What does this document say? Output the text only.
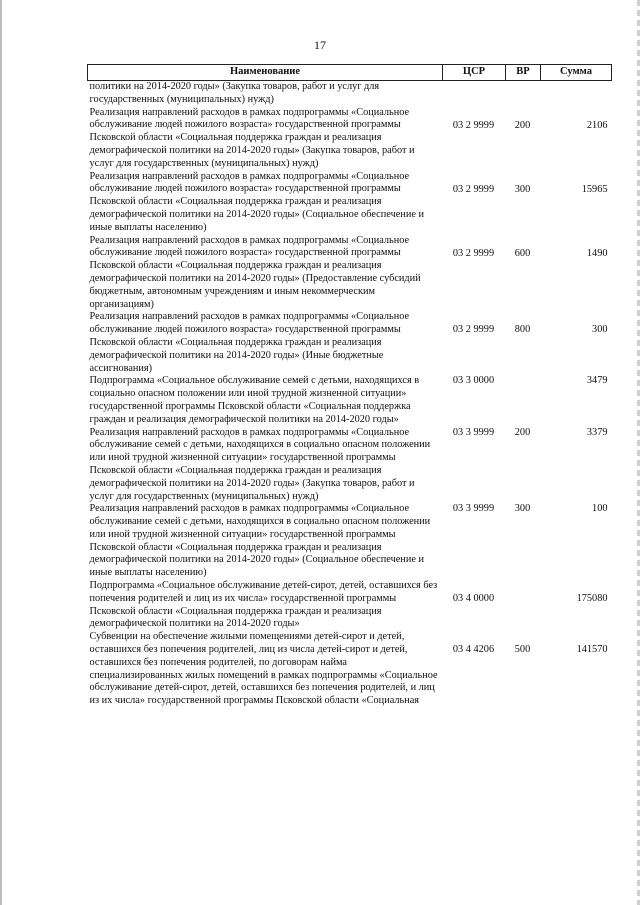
17
Наименование	ЦСР	ВР	Сумма
политики на 2014-2020 годы» (Закупка товаров, работ и услуг для государственных (муниципальных) нужд)			
Реализация направлений расходов в рамках подпрограммы «Социальное обслуживание людей пожилого возраста» государственной программы Псковской области «Социальная поддержка граждан и реализация демографической политики на 2014-2020 годы» (Закупка товаров, работ и услуг для государственных (муниципальных) нужд)	03 2 9999	200	2106
Реализация направлений расходов в рамках подпрограммы «Социальное обслуживание людей пожилого возраста» государственной программы Псковской области «Социальная поддержка граждан и реализация демографической политики на 2014-2020 годы» (Социальное обеспечение и иные выплаты населению)	03 2 9999	300	15965
Реализация направлений расходов в рамках подпрограммы «Социальное обслуживание людей пожилого возраста» государственной программы Псковской области «Социальная поддержка граждан и реализация демографической политики на 2014-2020 годы» (Предоставление субсидий бюджетным, автономным учреждениям и иным некоммерческим организациям)	03 2 9999	600	1490
Реализация направлений расходов в рамках подпрограммы «Социальное обслуживание людей пожилого возраста» государственной программы Псковской области «Социальная поддержка граждан и реализация демографической политики на 2014-2020 годы» (Иные бюджетные ассигнования)	03 2 9999	800	300
Подпрограмма «Социальное обслуживание семей с детьми, находящихся в социально опасном положении или иной трудной жизненной ситуации» государственной программы Псковской области «Социальная поддержка граждан и реализация демографической политики на 2014-2020 годы»	03 3 0000		3479
Реализация направлений расходов в рамках подпрограммы «Социальное обслуживание семей с детьми, находящихся в социально опасном положении или иной трудной жизненной ситуации» государственной программы Псковской области «Социальная поддержка граждан и реализация демографической политики на 2014-2020 годы» (Закупка товаров, работ и услуг для государственных (муниципальных) нужд)	03 3 9999	200	3379
Реализация направлений расходов в рамках подпрограммы «Социальное обслуживание семей с детьми, находящихся в социально опасном положении или иной трудной жизненной ситуации» государственной программы Псковской области «Социальная поддержка граждан и реализация демографической политики на 2014-2020 годы» (Социальное обеспечение и иные выплаты населению)	03 3 9999	300	100
Подпрограмма «Социальное обслуживание детей-сирот, детей, оставшихся без попечения родителей и лиц из их числа» государственной программы Псковской области «Социальная поддержка граждан и реализация демографической политики на 2014-2020 годы»	03 4 0000		175080
Субвенции на обеспечение жилыми помещениями детей-сирот и детей, оставшихся без попечения родителей, лиц из числа детей-сирот и детей, оставшихся без попечения родителей, по договорам найма специализированных жилых помещений в рамках подпрограммы «Социальное обслуживание детей-сирот, детей, оставшихся без попечения родителей, и лиц из их числа» государственной программы Псковской области «Социальная	03 4 4206	500	141570
